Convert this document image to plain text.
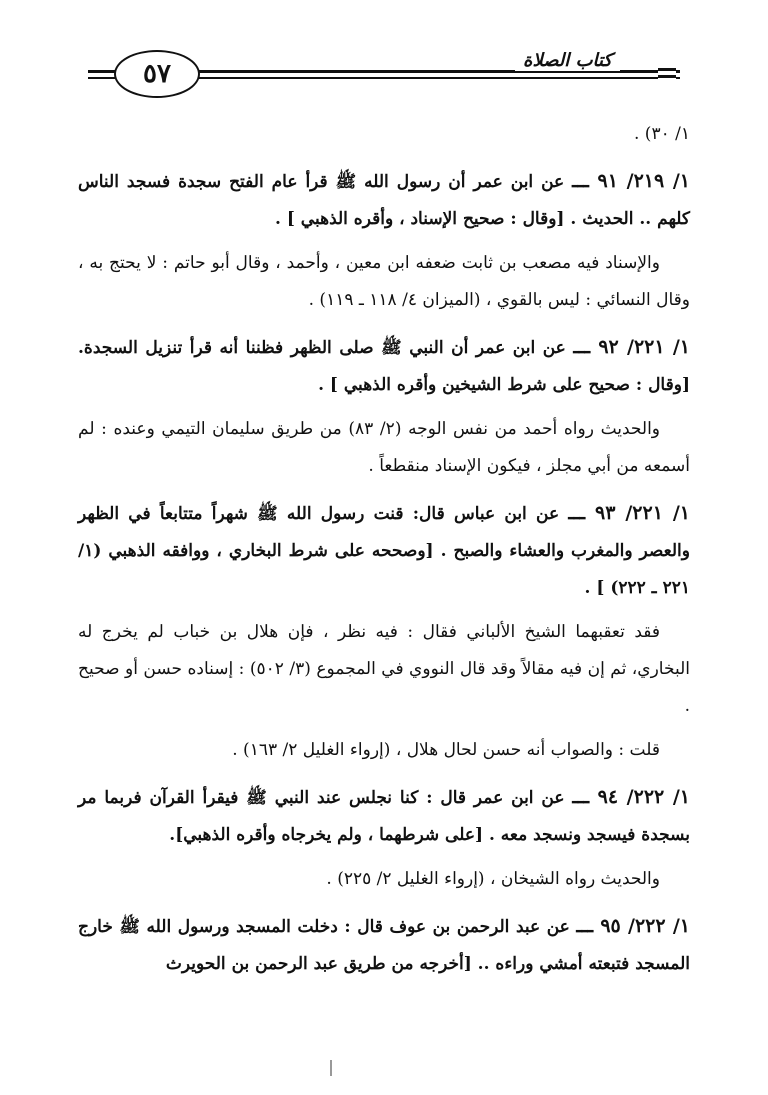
٥٧	كتاب الصلاة

١/ ٣٠) .

١/ ٢١٩/ ٩١ ـــ عن ابن عمر أن رسول الله ﷺ قرأ عام الفتح سجدة فسجد الناس كلهم .. الحديث . [وقال : صحيح الإسناد ، وأقره الذهبي ] .

والإسناد فيه مصعب بن ثابت ضعفه ابن معين ، وأحمد ، وقال أبو حاتم : لا يحتج به ، وقال النسائي : ليس بالقوي ، (الميزان ٤/ ١١٨ ـ ١١٩) .

١/ ٢٢١/ ٩٢ ـــ عن ابن عمر أن النبي ﷺ صلى الظهر فظننا أنه قرأ تنزيل السجدة. [وقال : صحيح على شرط الشيخين وأقره الذهبي ] .

والحديث رواه أحمد من نفس الوجه (٢/ ٨٣) من طريق سليمان التيمي وعنده : لم أسمعه من أبي مجلز ، فيكون الإسناد منقطعاً .

١/ ٢٢١/ ٩٣ ـــ عن ابن عباس قال: قنت رسول الله ﷺ شهراً متتابعاً في الظهر والعصر والمغرب والعشاء والصبح . [وصححه على شرط البخاري ، ووافقه الذهبي (١/ ٢٢١ ـ ٢٢٢) ] .

فقد تعقبهما الشيخ الألباني فقال : فيه نظر ، فإن هلال بن خباب لم يخرج له البخاري، ثم إن فيه مقالاً وقد قال النووي في المجموع (٣/ ٥٠٢) : إسناده حسن أو صحيح .

قلت : والصواب أنه حسن لحال هلال ، (إرواء الغليل ٢/ ١٦٣) .

١/ ٢٢٢/ ٩٤ ـــ عن ابن عمر قال : كنا نجلس عند النبي ﷺ فيقرأ القرآن فربما مر بسجدة فيسجد ونسجد معه . [على شرطهما ، ولم يخرجاه وأقره الذهبي].

والحديث رواه الشيخان ، (إرواء الغليل ٢/ ٢٢٥) .

١/ ٢٢٢/ ٩٥ ـــ عن عبد الرحمن بن عوف قال : دخلت المسجد ورسول الله ﷺ خارج المسجد فتبعته أمشي وراءه .. [أخرجه من طريق عبد الرحمن بن الحويرث
